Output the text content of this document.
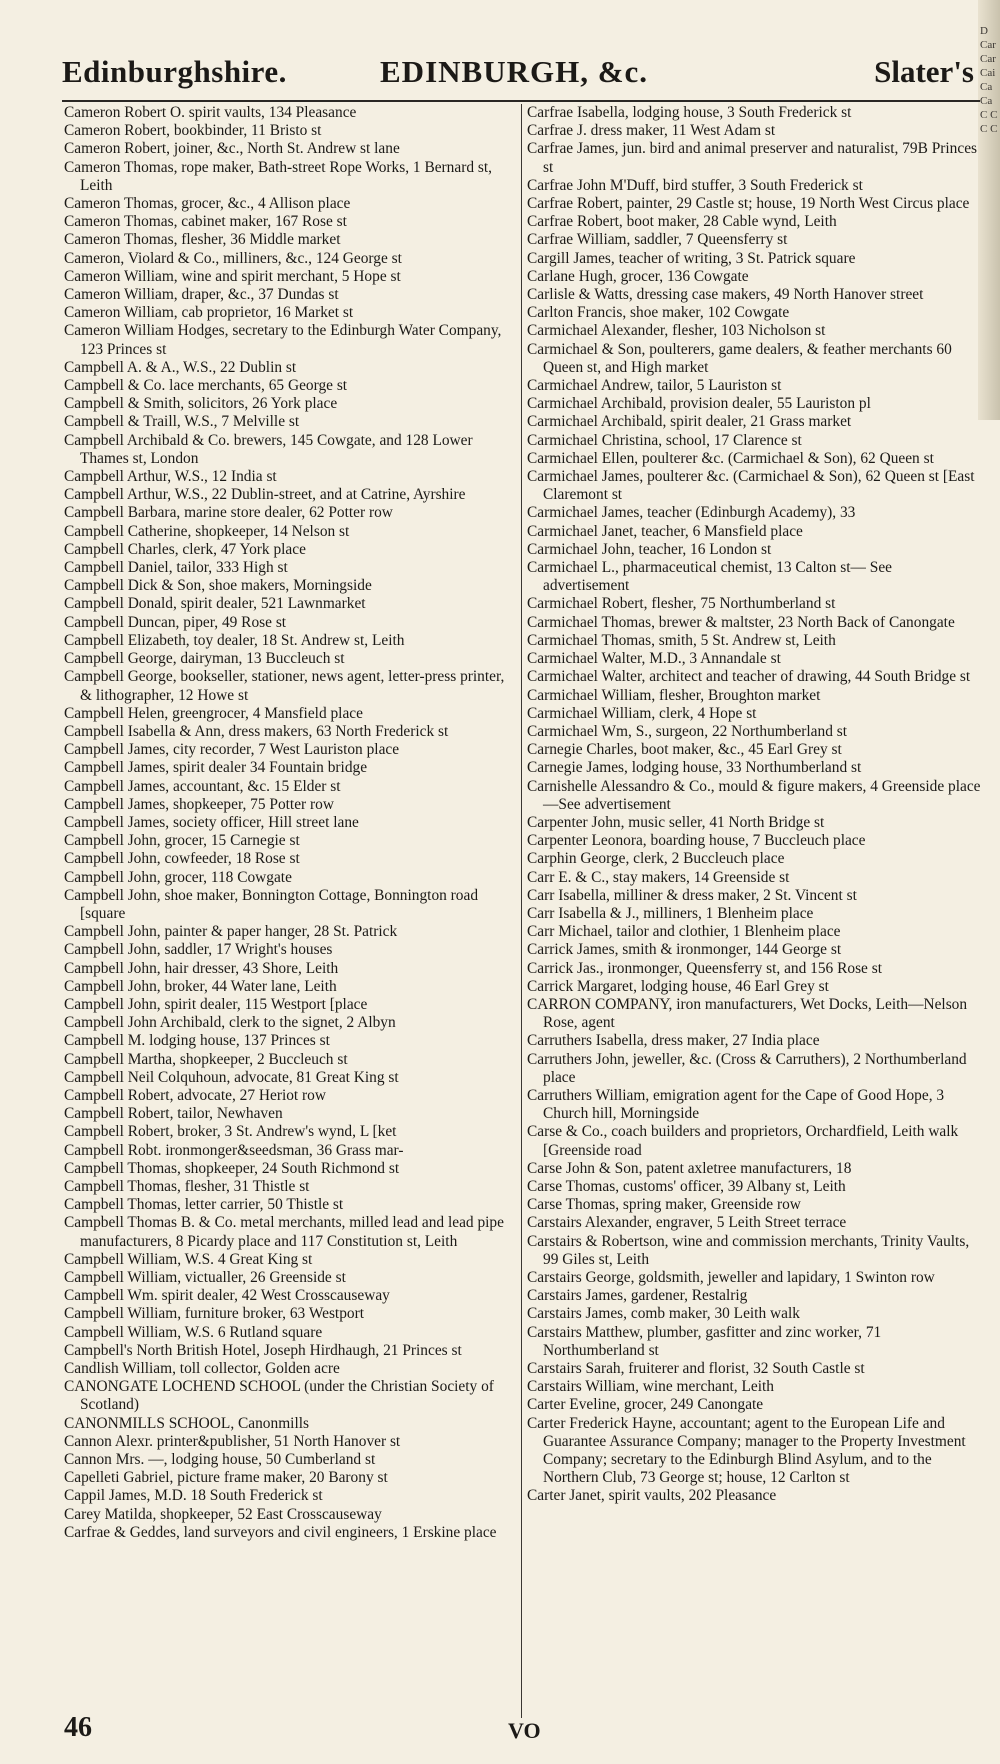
D Car Car Cai Ca Ca C C C C
Edinburghshire.	EDINBURGH, &c.	Slater's

Cameron Robert O. spirit vaults, 134 Pleasance

Cameron Robert, bookbinder, 11 Bristo st

Cameron Robert, joiner, &c., North St. Andrew st lane

Cameron Thomas, rope maker, Bath-street Rope Works, 1 Bernard st, Leith

Cameron Thomas, grocer, &c., 4 Allison place

Cameron Thomas, cabinet maker, 167 Rose st

Cameron Thomas, flesher, 36 Middle market

Cameron, Violard & Co., milliners, &c., 124 George st

Cameron William, wine and spirit merchant, 5 Hope st

Cameron William, draper, &c., 37 Dundas st

Cameron William, cab proprietor, 16 Market st

Cameron William Hodges, secretary to the Edinburgh Water Company, 123 Princes st

Campbell A. & A., W.S., 22 Dublin st

Campbell & Co. lace merchants, 65 George st

Campbell & Smith, solicitors, 26 York place

Campbell & Traill, W.S., 7 Melville st

Campbell Archibald & Co. brewers, 145 Cowgate, and 128 Lower Thames st, London

Campbell Arthur, W.S., 12 India st

Campbell Arthur, W.S., 22 Dublin-street, and at Catrine, Ayrshire

Campbell Barbara, marine store dealer, 62 Potter row

Campbell Catherine, shopkeeper, 14 Nelson st

Campbell Charles, clerk, 47 York place

Campbell Daniel, tailor, 333 High st

Campbell Dick & Son, shoe makers, Morningside

Campbell Donald, spirit dealer, 521 Lawnmarket

Campbell Duncan, piper, 49 Rose st

Campbell Elizabeth, toy dealer, 18 St. Andrew st, Leith

Campbell George, dairyman, 13 Buccleuch st

Campbell George, bookseller, stationer, news agent, letter-press printer, & lithographer, 12 Howe st

Campbell Helen, greengrocer, 4 Mansfield place

Campbell Isabella & Ann, dress makers, 63 North Frederick st

Campbell James, city recorder, 7 West Lauriston place

Campbell James, spirit dealer 34 Fountain bridge

Campbell James, accountant, &c. 15 Elder st

Campbell James, shopkeeper, 75 Potter row

Campbell James, society officer, Hill street lane

Campbell John, grocer, 15 Carnegie st

Campbell John, cowfeeder, 18 Rose st

Campbell John, grocer, 118 Cowgate

Campbell John, shoe maker, Bonnington Cottage, Bonnington road [square

Campbell John, painter & paper hanger, 28 St. Patrick

Campbell John, saddler, 17 Wright's houses

Campbell John, hair dresser, 43 Shore, Leith

Campbell John, broker, 44 Water lane, Leith

Campbell John, spirit dealer, 115 Westport [place

Campbell John Archibald, clerk to the signet, 2 Albyn

Campbell M. lodging house, 137 Princes st

Campbell Martha, shopkeeper, 2 Buccleuch st

Campbell Neil Colquhoun, advocate, 81 Great King st

Campbell Robert, advocate, 27 Heriot row

Campbell Robert, tailor, Newhaven

Campbell Robert, broker, 3 St. Andrew's wynd, L [ket

Campbell Robt. ironmonger&seedsman, 36 Grass mar-

Campbell Thomas, shopkeeper, 24 South Richmond st

Campbell Thomas, flesher, 31 Thistle st

Campbell Thomas, letter carrier, 50 Thistle st

Campbell Thomas B. & Co. metal merchants, milled lead and lead pipe manufacturers, 8 Picardy place and 117 Constitution st, Leith

Campbell William, W.S. 4 Great King st

Campbell William, victualler, 26 Greenside st

Campbell Wm. spirit dealer, 42 West Crosscauseway

Campbell William, furniture broker, 63 Westport

Campbell William, W.S. 6 Rutland square

Campbell's North British Hotel, Joseph Hirdhaugh, 21 Princes st

Candlish William, toll collector, Golden acre

CANONGATE LOCHEND SCHOOL (under the Christian Society of Scotland)

CANONMILLS SCHOOL, Canonmills

Cannon Alexr. printer&publisher, 51 North Hanover st

Cannon Mrs. —, lodging house, 50 Cumberland st

Capelleti Gabriel, picture frame maker, 20 Barony st

Cappil James, M.D. 18 South Frederick st

Carey Matilda, shopkeeper, 52 East Crosscauseway

Carfrae & Geddes, land surveyors and civil engineers, 1 Erskine place

Carfrae Isabella, lodging house, 3 South Frederick st

Carfrae J. dress maker, 11 West Adam st

Carfrae James, jun. bird and animal preserver and naturalist, 79B Princes st

Carfrae John M'Duff, bird stuffer, 3 South Frederick st

Carfrae Robert, painter, 29 Castle st; house, 19 North West Circus place

Carfrae Robert, boot maker, 28 Cable wynd, Leith

Carfrae William, saddler, 7 Queensferry st

Cargill James, teacher of writing, 3 St. Patrick square

Carlane Hugh, grocer, 136 Cowgate

Carlisle & Watts, dressing case makers, 49 North Hanover street

Carlton Francis, shoe maker, 102 Cowgate

Carmichael Alexander, flesher, 103 Nicholson st

Carmichael & Son, poulterers, game dealers, & feather merchants 60 Queen st, and High market

Carmichael Andrew, tailor, 5 Lauriston st

Carmichael Archibald, provision dealer, 55 Lauriston pl

Carmichael Archibald, spirit dealer, 21 Grass market

Carmichael Christina, school, 17 Clarence st

Carmichael Ellen, poulterer &c. (Carmichael & Son), 62 Queen st

Carmichael James, poulterer &c. (Carmichael & Son), 62 Queen st [East Claremont st

Carmichael James, teacher (Edinburgh Academy), 33

Carmichael Janet, teacher, 6 Mansfield place

Carmichael John, teacher, 16 London st

Carmichael L., pharmaceutical chemist, 13 Calton st— See advertisement

Carmichael Robert, flesher, 75 Northumberland st

Carmichael Thomas, brewer & maltster, 23 North Back of Canongate

Carmichael Thomas, smith, 5 St. Andrew st, Leith

Carmichael Walter, M.D., 3 Annandale st

Carmichael Walter, architect and teacher of drawing, 44 South Bridge st

Carmichael William, flesher, Broughton market

Carmichael William, clerk, 4 Hope st

Carmichael Wm, S., surgeon, 22 Northumberland st

Carnegie Charles, boot maker, &c., 45 Earl Grey st

Carnegie James, lodging house, 33 Northumberland st

Carnishelle Alessandro & Co., mould & figure makers, 4 Greenside place—See advertisement

Carpenter John, music seller, 41 North Bridge st

Carpenter Leonora, boarding house, 7 Buccleuch place

Carphin George, clerk, 2 Buccleuch place

Carr E. & C., stay makers, 14 Greenside st

Carr Isabella, milliner & dress maker, 2 St. Vincent st

Carr Isabella & J., milliners, 1 Blenheim place

Carr Michael, tailor and clothier, 1 Blenheim place

Carrick James, smith & ironmonger, 144 George st

Carrick Jas., ironmonger, Queensferry st, and 156 Rose st

Carrick Margaret, lodging house, 46 Earl Grey st

CARRON COMPANY, iron manufacturers, Wet Docks, Leith—Nelson Rose, agent

Carruthers Isabella, dress maker, 27 India place

Carruthers John, jeweller, &c. (Cross & Carruthers), 2 Northumberland place

Carruthers William, emigration agent for the Cape of Good Hope, 3 Church hill, Morningside

Carse & Co., coach builders and proprietors, Orchardfield, Leith walk [Greenside road

Carse John & Son, patent axletree manufacturers, 18

Carse Thomas, customs' officer, 39 Albany st, Leith

Carse Thomas, spring maker, Greenside row

Carstairs Alexander, engraver, 5 Leith Street terrace

Carstairs & Robertson, wine and commission merchants, Trinity Vaults, 99 Giles st, Leith

Carstairs George, goldsmith, jeweller and lapidary, 1 Swinton row

Carstairs James, gardener, Restalrig

Carstairs James, comb maker, 30 Leith walk

Carstairs Matthew, plumber, gasfitter and zinc worker, 71 Northumberland st

Carstairs Sarah, fruiterer and florist, 32 South Castle st

Carstairs William, wine merchant, Leith

Carter Eveline, grocer, 249 Canongate

Carter Frederick Hayne, accountant; agent to the European Life and Guarantee Assurance Company; manager to the Property Investment Company; secretary to the Edinburgh Blind Asylum, and to the Northern Club, 73 George st; house, 12 Carlton st

Carter Janet, spirit vaults, 202 Pleasance

46	VO
